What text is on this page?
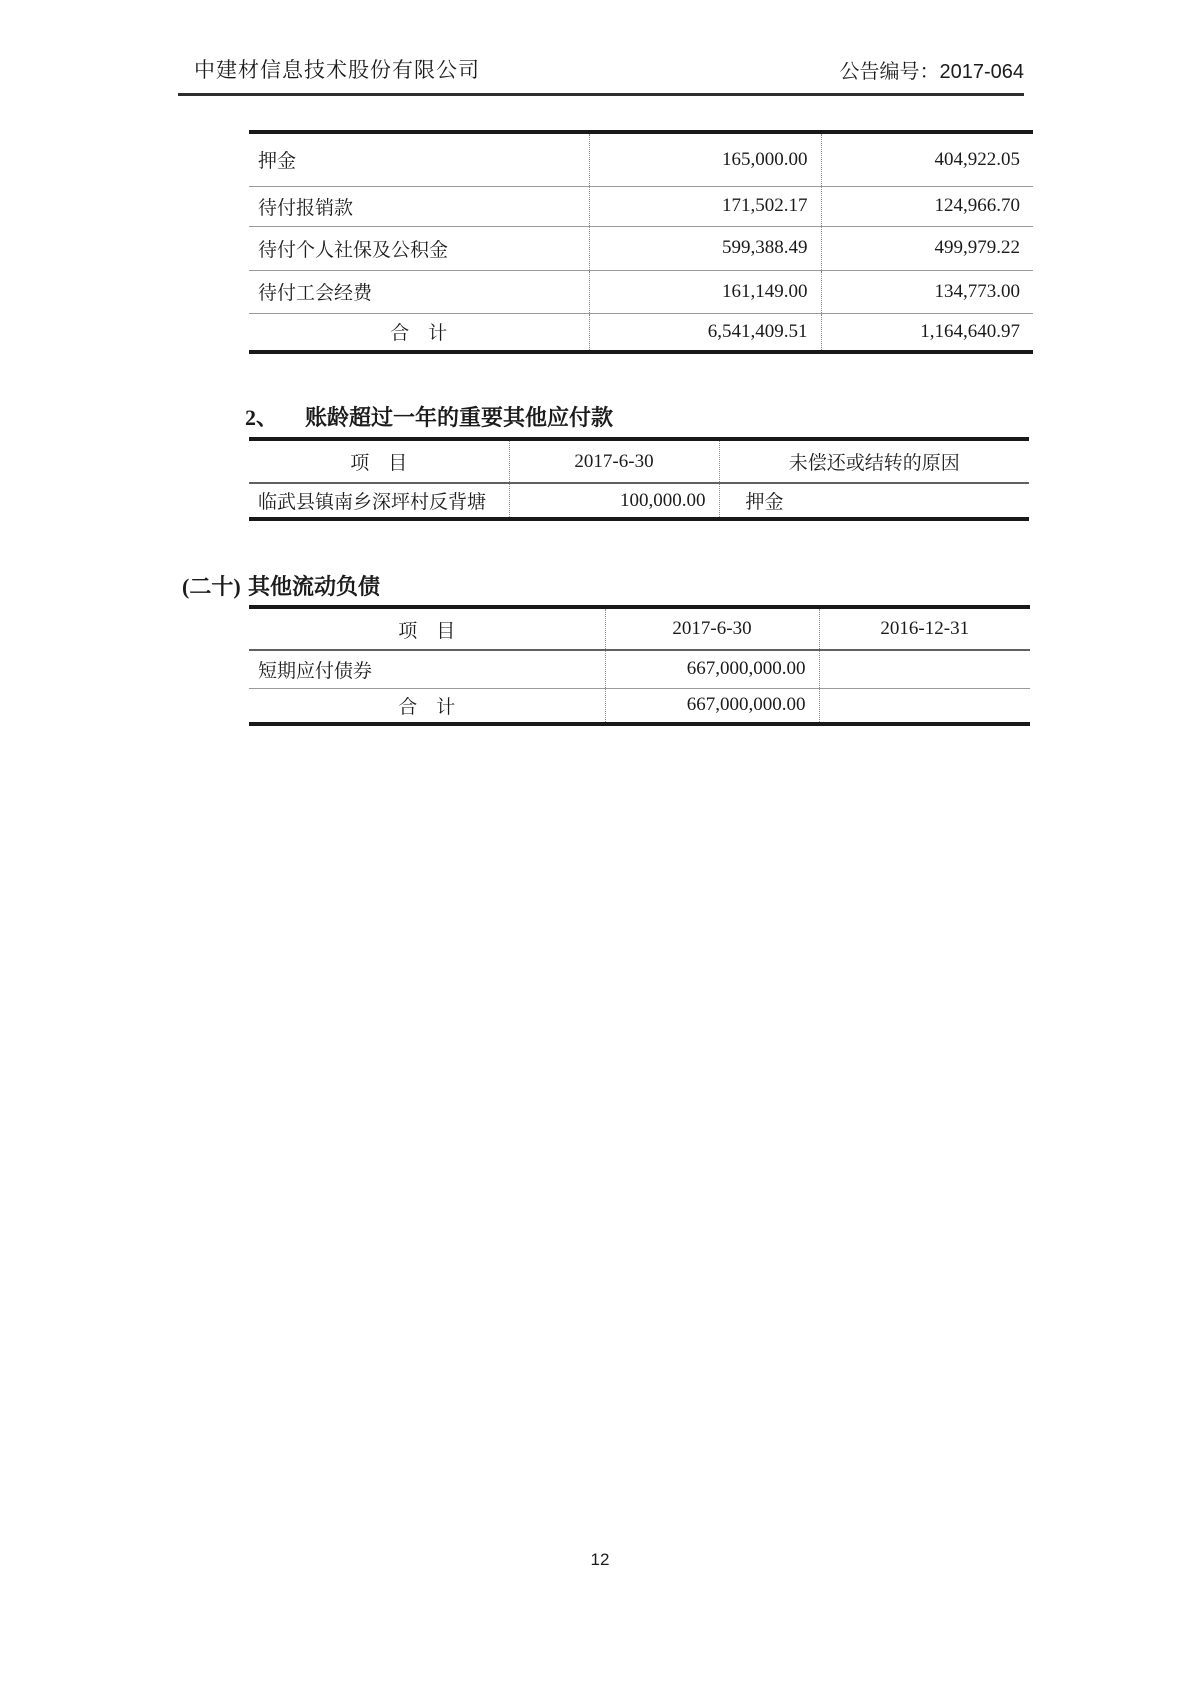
中建材信息技术股份有限公司	公告编号：2017-064
押金	165,000.00	404,922.05
待付报销款	171,502.17	124,966.70
待付个人社保及公积金	599,388.49	499,979.22
待付工会经费	161,149.00	134,773.00
合　计	6,541,409.51	1,164,640.97
2、	账龄超过一年的重要其他应付款
项　目	2017-6-30	未偿还或结转的原因
临武县镇南乡深坪村反背塘	100,000.00	押金
(二十) 其他流动负债
项　目	2017-6-30	2016-12-31
短期应付债券	667,000,000.00	
合　计	667,000,000.00	
12
